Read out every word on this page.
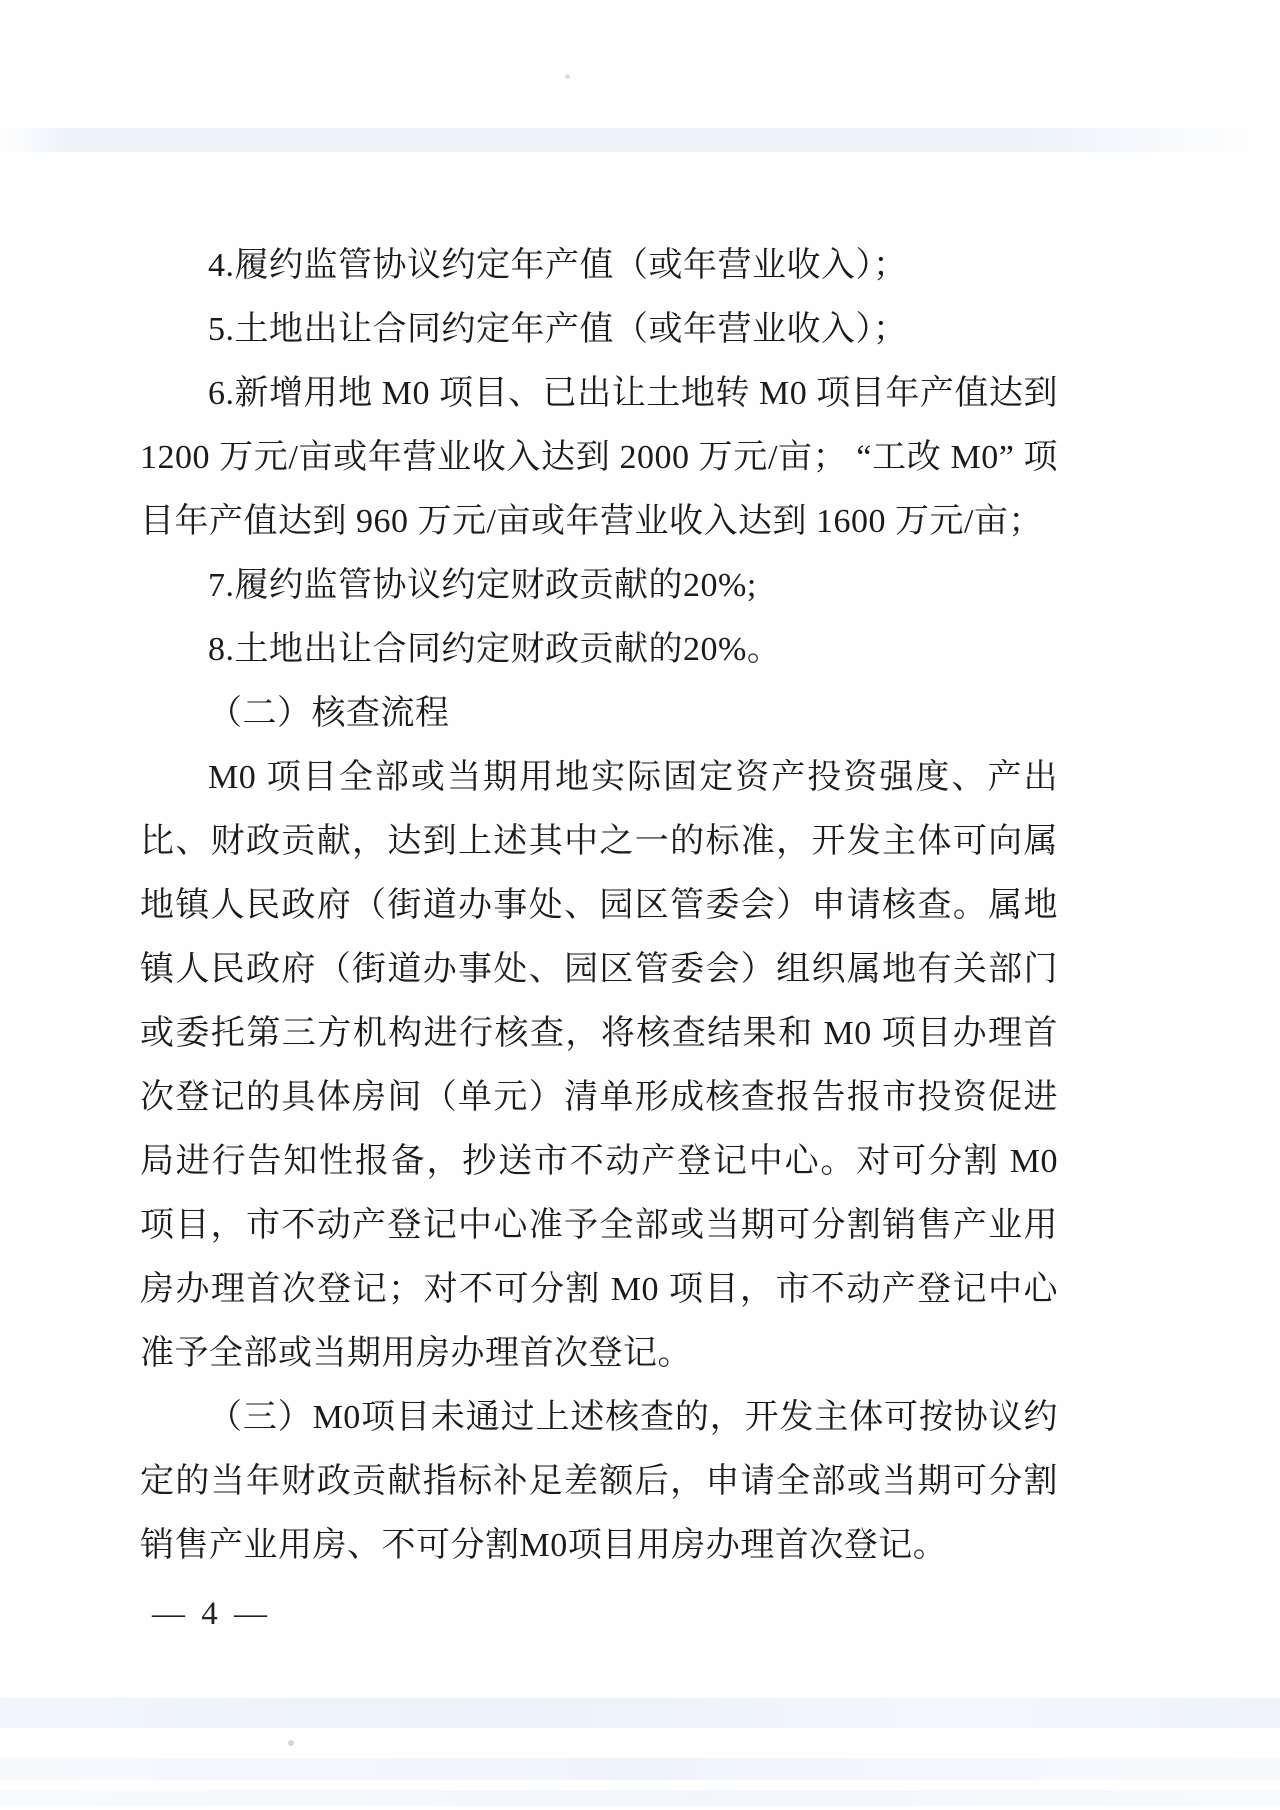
4.履约监管协议约定年产值（或年营业收入）；

5.土地出让合同约定年产值（或年营业收入）；

6.新增用地 M0 项目、已出让土地转 M0 项目年产值达到 1200 万元/亩或年营业收入达到 2000 万元/亩； “工改 M0” 项目年产值达到 960 万元/亩或年营业收入达到 1600 万元/亩；

7.履约监管协议约定财政贡献的20%;

8.土地出让合同约定财政贡献的20%。

（二）核查流程

M0 项目全部或当期用地实际固定资产投资强度、产出比、财政贡献，达到上述其中之一的标准，开发主体可向属地镇人民政府（街道办事处、园区管委会）申请核查。属地镇人民政府（街道办事处、园区管委会）组织属地有关部门或委托第三方机构进行核查，将核查结果和 M0 项目办理首次登记的具体房间（单元）清单形成核查报告报市投资促进局进行告知性报备，抄送市不动产登记中心。对可分割 M0 项目，市不动产登记中心准予全部或当期可分割销售产业用房办理首次登记；对不可分割 M0 项目，市不动产登记中心准予全部或当期用房办理首次登记。

（三）M0项目未通过上述核查的，开发主体可按协议约定的当年财政贡献指标补足差额后，申请全部或当期可分割销售产业用房、不可分割M0项目用房办理首次登记。

— 4 —
